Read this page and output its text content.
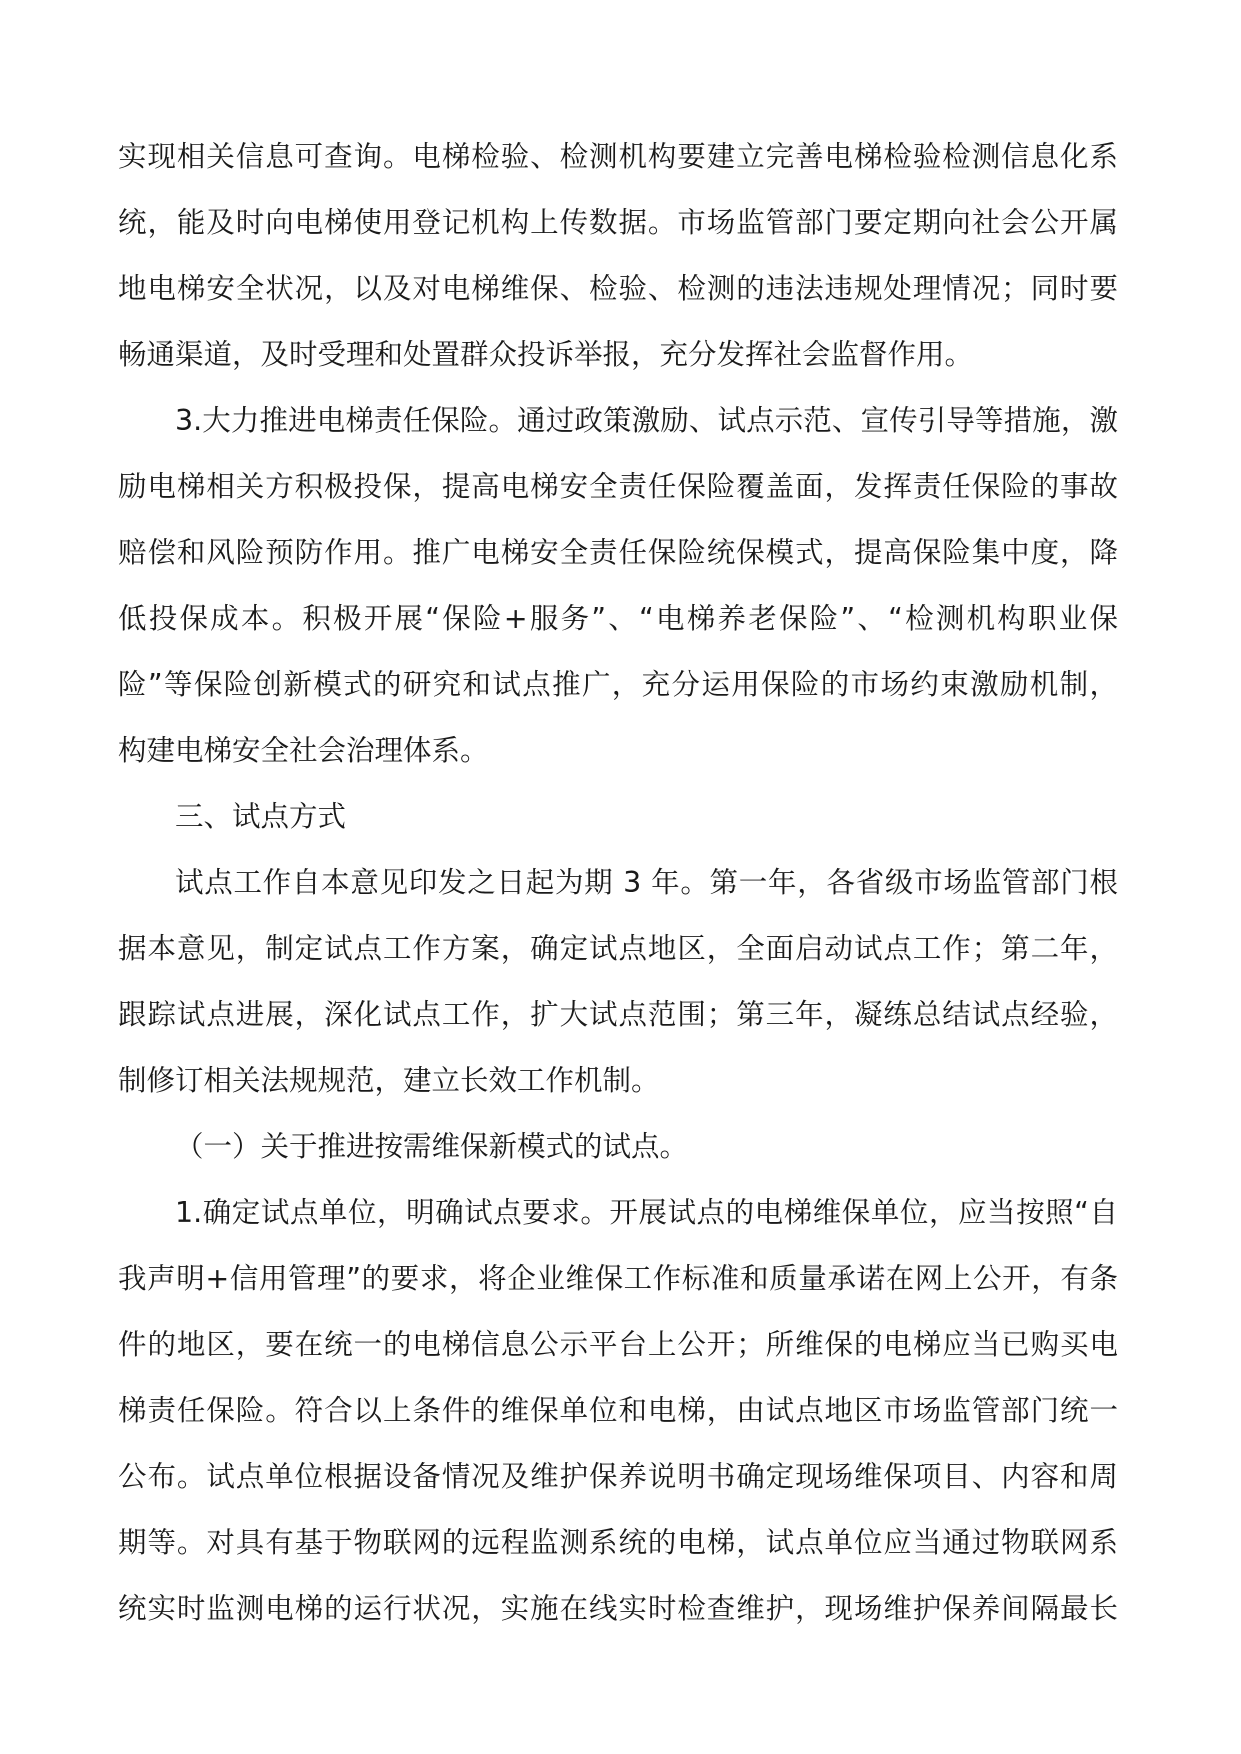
实现相关信息可查询。电梯检验、检测机构要建立完善电梯检验检测信息化系
统，能及时向电梯使用登记机构上传数据。市场监管部门要定期向社会公开属
地电梯安全状况，以及对电梯维保、检验、检测的违法违规处理情况；同时要
畅通渠道，及时受理和处置群众投诉举报，充分发挥社会监督作用。
3.大力推进电梯责任保险。通过政策激励、试点示范、宣传引导等措施，激
励电梯相关方积极投保，提高电梯安全责任保险覆盖面，发挥责任保险的事故
赔偿和风险预防作用。推广电梯安全责任保险统保模式，提高保险集中度，降
低投保成本。积极开展“保险+服务”、“电梯养老保险”、“检测机构职业保
险”等保险创新模式的研究和试点推广，充分运用保险的市场约束激励机制，
构建电梯安全社会治理体系。
三、试点方式
试点工作自本意见印发之日起为期 3 年。第一年，各省级市场监管部门根
据本意见，制定试点工作方案，确定试点地区，全面启动试点工作；第二年，
跟踪试点进展，深化试点工作，扩大试点范围；第三年，凝练总结试点经验，
制修订相关法规规范，建立长效工作机制。
（一）关于推进按需维保新模式的试点。
1.确定试点单位，明确试点要求。开展试点的电梯维保单位，应当按照“自
我声明+信用管理”的要求，将企业维保工作标准和质量承诺在网上公开，有条
件的地区，要在统一的电梯信息公示平台上公开；所维保的电梯应当已购买电
梯责任保险。符合以上条件的维保单位和电梯，由试点地区市场监管部门统一
公布。试点单位根据设备情况及维护保养说明书确定现场维保项目、内容和周
期等。对具有基于物联网的远程监测系统的电梯，试点单位应当通过物联网系
统实时监测电梯的运行状况，实施在线实时检查维护，现场维护保养间隔最长
